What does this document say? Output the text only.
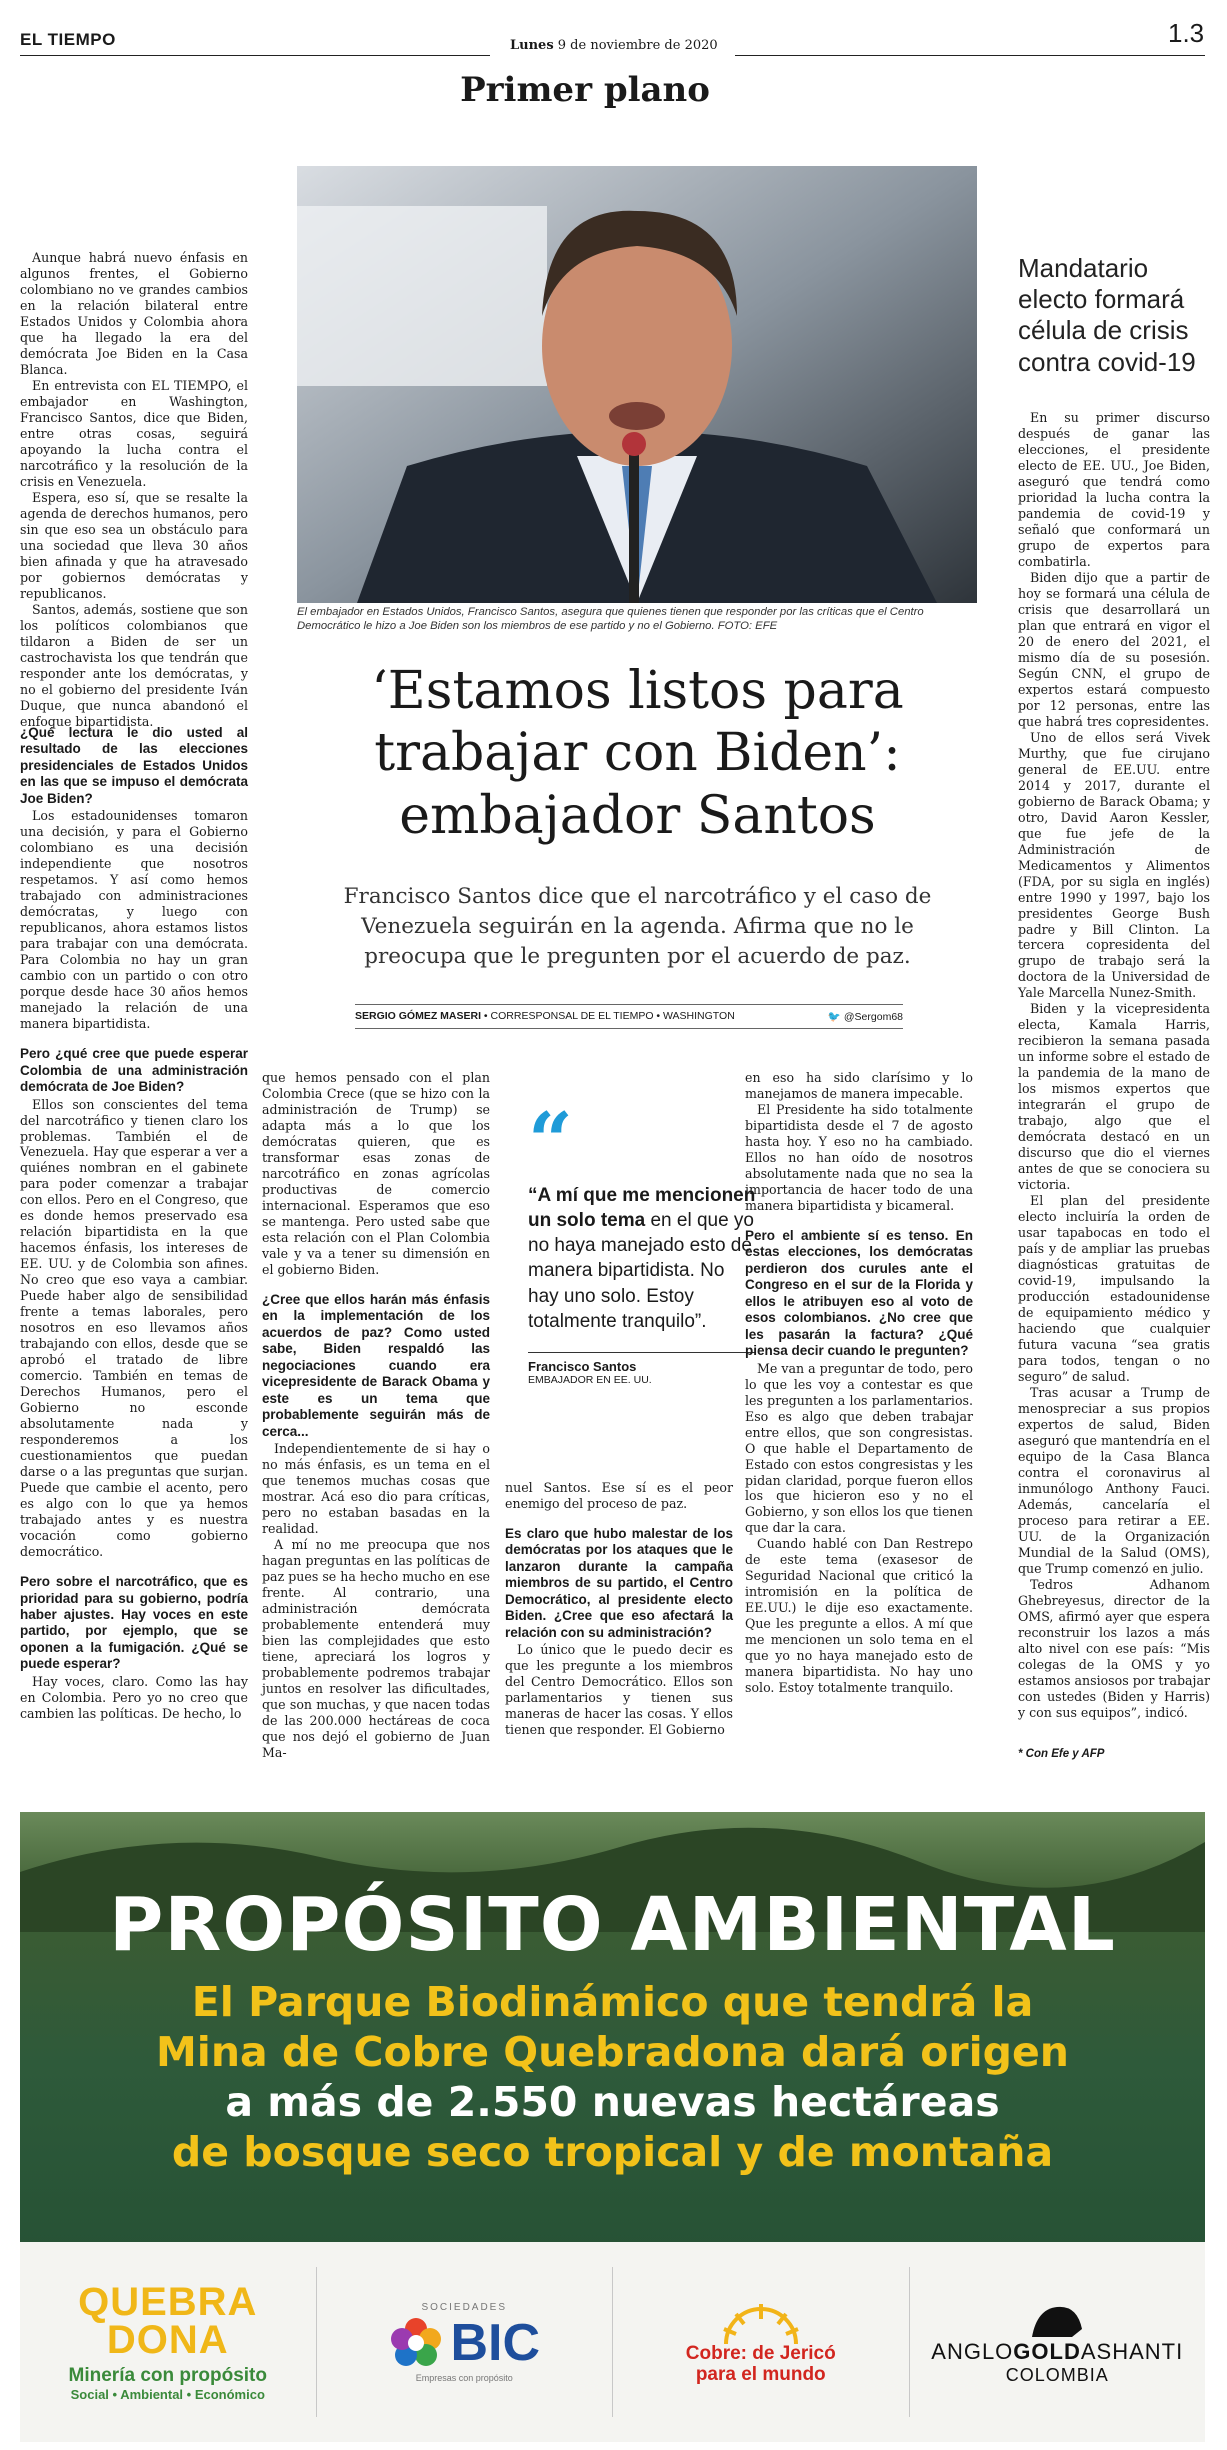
EL TIEMPO	Lunes 9 de noviembre de 2020	1.3
Primer plano
El embajador en Estados Unidos, Francisco Santos, asegura que quienes tienen que responder por las críticas que el Centro Democrático le hizo a Joe Biden son los miembros de ese partido y no el Gobierno. FOTO: EFE

Aunque habrá nuevo énfasis en algunos frentes, el Gobierno colombiano no ve grandes cambios en la relación bilateral entre Estados Unidos y Colombia ahora que ha llegado la era del demócrata Joe Biden en la Casa Blanca.

En entrevista con EL TIEMPO, el embajador en Washington, Francisco Santos, dice que Biden, entre otras cosas, seguirá apoyando la lucha contra el narcotráfico y la resolución de la crisis en Venezuela.

Espera, eso sí, que se resalte la agenda de derechos humanos, pero sin que eso sea un obstáculo para una sociedad que lleva 30 años bien afinada y que ha atravesado por gobiernos demócratas y republicanos.

Santos, además, sostiene que son los políticos colombianos que tildaron a Biden de ser un castrochavista los que tendrán que responder ante los demócratas, y no el gobierno del presidente Iván Duque, que nunca abandonó el enfoque bipartidista.

¿Qué lectura le dio usted al resultado de las elecciones presidenciales de Estados Unidos en las que se impuso el demócrata Joe Biden?

Los estadounidenses tomaron una decisión, y para el Gobierno colombiano es una decisión independiente que nosotros respetamos. Y así como hemos trabajado con administraciones demócratas, y luego con republicanos, ahora estamos listos para trabajar con una demócrata. Para Colombia no hay un gran cambio con un partido o con otro porque desde hace 30 años hemos manejado la relación de una manera bipartidista.

Pero ¿qué cree que puede esperar Colombia de una administración demócrata de Joe Biden?

Ellos son conscientes del tema del narcotráfico y tienen claro los problemas. También el de Venezuela. Hay que esperar a ver a quiénes nombran en el gabinete para poder comenzar a trabajar con ellos. Pero en el Congreso, que es donde hemos preservado esa relación bipartidista en la que hacemos énfasis, los intereses de EE. UU. y de Colombia son afines. No creo que eso vaya a cambiar. Puede haber algo de sensibilidad frente a temas laborales, pero nosotros en eso llevamos años trabajando con ellos, desde que se aprobó el tratado de libre comercio. También en temas de Derechos Humanos, pero el Gobierno no esconde absolutamente nada y responderemos a los cuestionamientos que puedan darse o a las preguntas que surjan. Puede que cambie el acento, pero es algo con lo que ya hemos trabajado antes y es nuestra vocación como gobierno democrático.

Pero sobre el narcotráfico, que es prioridad para su gobierno, podría haber ajustes. Hay voces en este partido, por ejemplo, que se oponen a la fumigación. ¿Qué se puede esperar?

Hay voces, claro. Como las hay en Colombia. Pero yo no creo que cambien las políticas. De hecho, lo

‘Estamos listos para trabajar con Biden’: embajador Santos
Francisco Santos dice que el narcotráfico y el caso de Venezuela seguirán en la agenda. Afirma que no le preocupa que le pregunten por el acuerdo de paz.
SERGIO GÓMEZ MASERI • CORRESPONSAL DE EL TIEMPO • WASHINGTON	🐦 @Sergom68

que hemos pensado con el plan Colombia Crece (que se hizo con la administración de Trump) se adapta más a lo que los demócratas quieren, que es transformar esas zonas de narcotráfico en zonas agrícolas productivas de comercio internacional. Esperamos que eso se mantenga. Pero usted sabe que esta relación con el Plan Colombia vale y va a tener su dimensión en el gobierno Biden.

¿Cree que ellos harán más énfasis en la implementación de los acuerdos de paz? Como usted sabe, Biden respaldó las negociaciones cuando era vicepresidente de Barack Obama y este es un tema que probablemente seguirán más de cerca...

Independientemente de si hay o no más énfasis, es un tema en el que tenemos muchas cosas que mostrar. Acá eso dio para críticas, pero no estaban basadas en la realidad.

A mí no me preocupa que nos hagan preguntas en las políticas de paz pues se ha hecho mucho en ese frente. Al contrario, una administración demócrata probablemente entenderá muy bien las complejidades que esto tiene, apreciará los logros y probablemente podremos trabajar juntos en resolver las dificultades, que son muchas, y que nacen todas de las 200.000 hectáreas de coca que nos dejó el gobierno de Juan Ma-

“
“A mí que me mencionen un solo tema en el que yo no haya manejado esto de manera bipartidista. No hay uno solo. Estoy totalmente tranquilo”.
Francisco Santos
EMBAJADOR EN EE. UU.

nuel Santos. Ese sí es el peor enemigo del proceso de paz.

Es claro que hubo malestar de los demócratas por los ataques que le lanzaron durante la campaña miembros de su partido, el Centro Democrático, al presidente electo Biden. ¿Cree que eso afectará la relación con su administración?

Lo único que le puedo decir es que les pregunte a los miembros del Centro Democrático. Ellos son parlamentarios y tienen sus maneras de hacer las cosas. Y ellos tienen que responder. El Gobierno

en eso ha sido clarísimo y lo manejamos de manera impecable.

El Presidente ha sido totalmente bipartidista desde el 7 de agosto hasta hoy. Y eso no ha cambiado. Ellos no han oído de nosotros absolutamente nada que no sea la importancia de hacer todo de una manera bipartidista y bicameral.

Pero el ambiente sí es tenso. En estas elecciones, los demócratas perdieron dos curules ante el Congreso en el sur de la Florida y ellos le atribuyen eso al voto de esos colombianos. ¿No cree que les pasarán la factura? ¿Qué piensa decir cuando le pregunten?

Me van a preguntar de todo, pero lo que les voy a contestar es que les pregunten a los parlamentarios. Eso es algo que deben trabajar entre ellos, que son congresistas. O que hable el Departamento de Estado con estos congresistas y les pidan claridad, porque fueron ellos los que hicieron eso y no el Gobierno, y son ellos los que tienen que dar la cara.

Cuando hablé con Dan Restrepo de este tema (exasesor de Seguridad Nacional que criticó la intromisión en la política de EE.UU.) le dije eso exactamente. Que les pregunte a ellos. A mí que me mencionen un solo tema en el que yo no haya manejado esto de manera bipartidista. No hay uno solo. Estoy totalmente tranquilo.

Mandatario electo formará célula de crisis contra covid-19

En su primer discurso después de ganar las elecciones, el presidente electo de EE. UU., Joe Biden, aseguró que tendrá como prioridad la lucha contra la pandemia de covid-19 y señaló que conformará un grupo de expertos para combatirla.

Biden dijo que a partir de hoy se formará una célula de crisis que desarrollará un plan que entrará en vigor el 20 de enero del 2021, el mismo día de su posesión. Según CNN, el grupo de expertos estará compuesto por 12 personas, entre las que habrá tres copresidentes.

Uno de ellos será Vivek Murthy, que fue cirujano general de EE.UU. entre 2014 y 2017, durante el gobierno de Barack Obama; y otro, David Aaron Kessler, que fue jefe de la Administración de Medicamentos y Alimentos (FDA, por su sigla en inglés) entre 1990 y 1997, bajo los presidentes George Bush padre y Bill Clinton. La tercera copresidenta del grupo de trabajo será la doctora de la Universidad de Yale Marcella Nunez-Smith.

Biden y la vicepresidenta electa, Kamala Harris, recibieron la semana pasada un informe sobre el estado de la pandemia de la mano de los mismos expertos que integrarán el grupo de trabajo, algo que el demócrata destacó en un discurso que dio el viernes antes de que se conociera su victoria.

El plan del presidente electo incluiría la orden de usar tapabocas en todo el país y de ampliar las pruebas diagnósticas gratuitas de covid-19, impulsando la producción estadounidense de equipamiento médico y haciendo que cualquier futura vacuna “sea gratis para todos, tengan o no seguro” de salud.

Tras acusar a Trump de menospreciar a sus propios expertos de salud, Biden aseguró que mantendría en el equipo de la Casa Blanca contra el coronavirus al inmunólogo Anthony Fauci. Además, cancelaría el proceso para retirar a EE. UU. de la Organización Mundial de la Salud (OMS), que Trump comenzó en julio.

Tedros Adhanom Ghebreyesus, director de la OMS, afirmó ayer que espera reconstruir los lazos a más alto nivel con ese país: “Mis colegas de la OMS y yo estamos ansiosos por trabajar con ustedes (Biden y Harris) y con sus equipos”, indicó.

* Con Efe y AFP
PROPÓSITO AMBIENTAL
El Parque Biodinámico que tendrá la
Mina de Cobre Quebradona dará origen
a más de 2.550 nuevas hectáreas
de bosque seco tropical y de montaña
QUEBRA
DONA
Minería con propósito
Social • Ambiental • Económico
SOCIEDADES
BIC
Empresas con propósito
Cobre: de Jericó
para el mundo
ANGLOGOLDASHANTI
COLOMBIA
